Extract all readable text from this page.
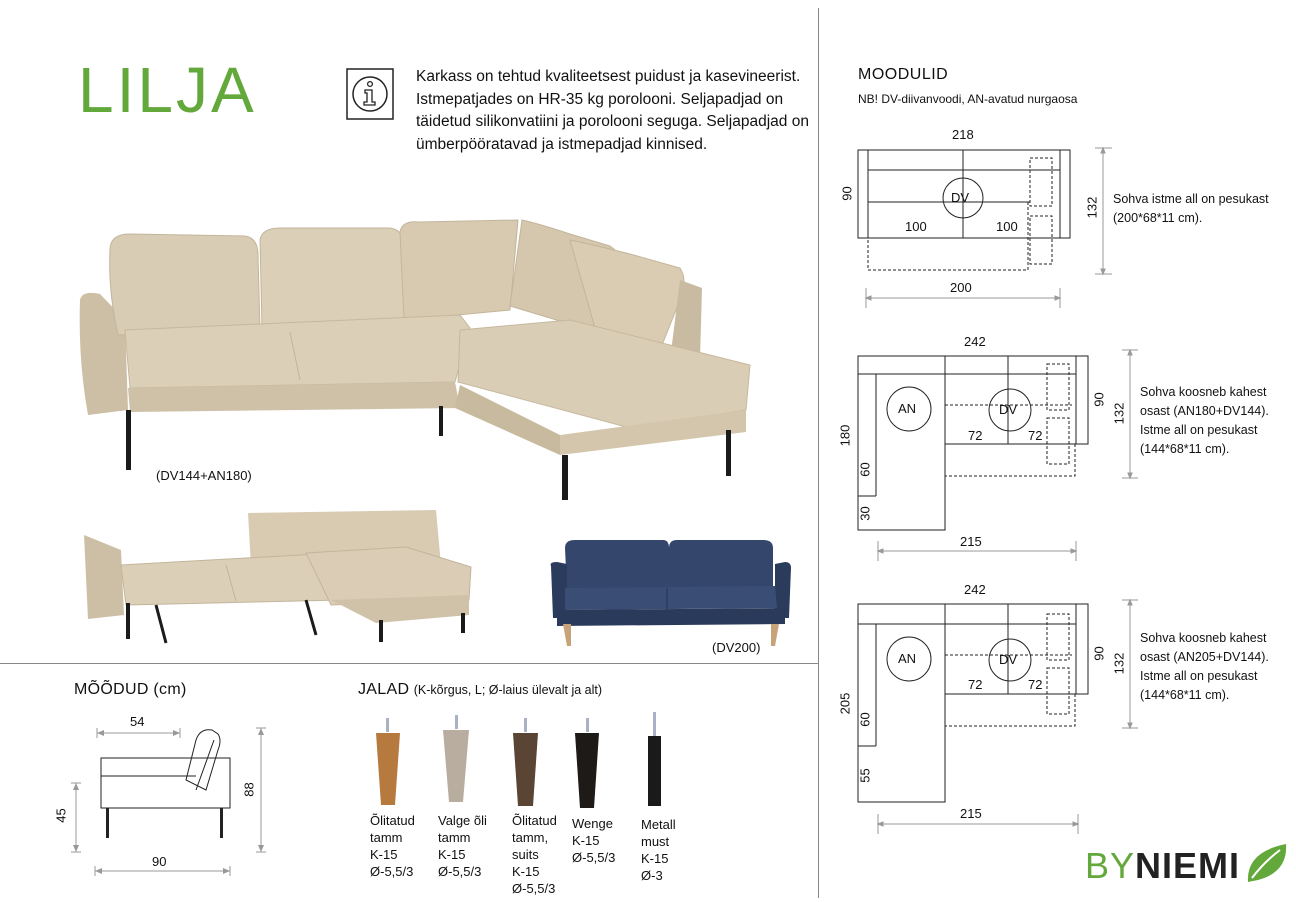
LILJA	Karkass on tehtud kvaliteetsest puidust ja kasevineerist. Istmepatjades on HR-35 kg porolooni. Seljapadjad on täidetud silikonvatiini ja porolooni seguga. Seljapadjad on ümberpööratavad ja istmepadjad kinnised.
(DV144+AN180)
(DV200)
MÕÕDUD (cm)
54
45
88
90
JALAD (K-kõrgus, L; Ø-laius ülevalt ja alt)
Õlitatud
tamm
K-15
Ø-5,5/3
Valge õli
tamm
K-15
Ø-5,5/3
Õlitatud
tamm,
suits
K-15
Ø-5,5/3
Wenge
K-15
Ø-5,5/3
Metall
must
K-15
Ø-3
MOODULID
NB! DV-diivanvoodi, AN-avatud nurgaosa
218
90	DV
100	100
200
132 Sohva istme all on pesukast
(200*68*11 cm).
242
180
60
30
AN	DV
72	72
90
132
215
Sohva koosneb kahest
osast (AN180+DV144).
Istme all on pesukast
(144*68*11 cm).
242
205
60
55
AN	DV
72	72
90 132
215
Sohva koosneb kahest
osast (AN205+DV144).
Istme all on pesukast
(144*68*11 cm).
BYNIEMI
